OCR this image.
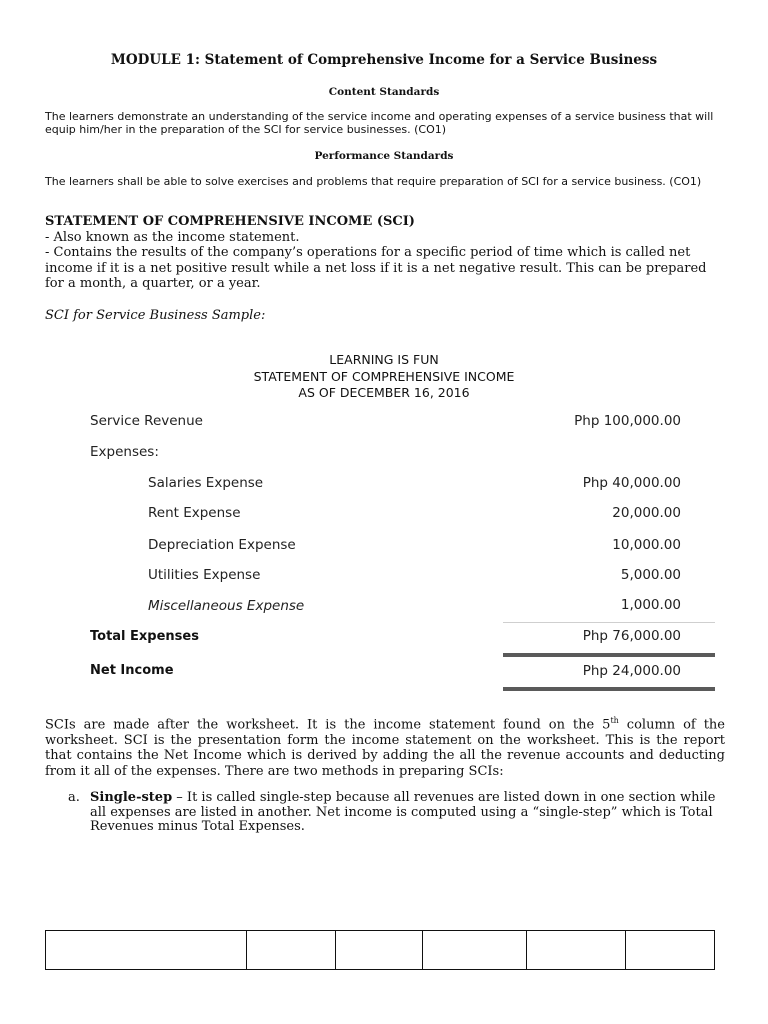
MODULE 1: Statement of Comprehensive Income for a Service Business
Content Standards
The learners demonstrate an understanding of the service income and operating expenses of a service business that will equip him/her in the preparation of the SCI for service businesses. (CO1)
Performance Standards
The learners shall be able to solve exercises and problems that require preparation of SCI for a service business. (CO1)
STATEMENT OF COMPREHENSIVE INCOME (SCI)
- Also known as the income statement.
- Contains the results of the company’s operations for a specific period of time which is called net income if it is a net positive result while a net loss if it is a net negative result. This can be prepared for a month, a quarter, or a year.
SCI for Service Business Sample:
LEARNING IS FUN
STATEMENT OF COMPREHENSIVE INCOME
AS OF DECEMBER 16, 2016
Service Revenue	Php 100,000.00
Expenses:
Salaries Expense	Php 40,000.00
Rent Expense	20,000.00
Depreciation Expense	10,000.00
Utilities Expense	5,000.00
Miscellaneous Expense	1,000.00
Total Expenses	Php 76,000.00
Net Income	Php 24,000.00
SCIs are made after the worksheet. It is the income statement found on the 5th column of the worksheet. SCI is the presentation form the income statement on the worksheet. This is the report that contains the Net Income which is derived by adding the all the revenue accounts and deducting from it all of the expenses. There are two methods in preparing SCIs:
a. Single-step – It is called single-step because all revenues are listed down in one section while all expenses are listed in another. Net income is computed using a “single-step” which is Total Revenues minus Total Expenses.
